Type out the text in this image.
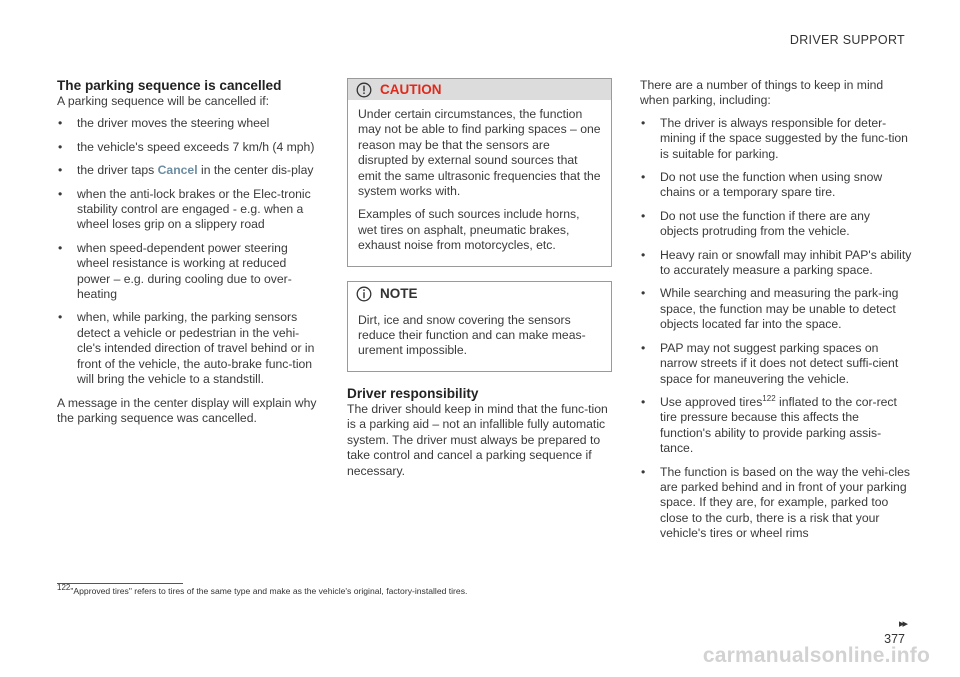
DRIVER SUPPORT
The parking sequence is cancelled

A parking sequence will be cancelled if:

• the driver moves the steering wheel
• the vehicle's speed exceeds 7 km/h (4 mph)
• the driver taps Cancel in the center dis-play
• when the anti-lock brakes or the Elec-tronic stability control are engaged - e.g. when a wheel loses grip on a slippery road
• when speed-dependent power steering wheel resistance is working at reduced power – e.g. during cooling due to over-heating
• when, while parking, the parking sensors detect a vehicle or pedestrian in the vehi-cle's intended direction of travel behind or in front of the vehicle, the auto-brake func-tion will bring the vehicle to a standstill.

A message in the center display will explain why the parking sequence was cancelled.

CAUTION

Under certain circumstances, the function may not be able to find parking spaces – one reason may be that the sensors are disrupted by external sound sources that emit the same ultrasonic frequencies that the system works with.

Examples of such sources include horns, wet tires on asphalt, pneumatic brakes, exhaust noise from motorcycles, etc.

NOTE

Dirt, ice and snow covering the sensors reduce their function and can make meas-urement impossible.

Driver responsibility

The driver should keep in mind that the func-tion is a parking aid – not an infallible fully automatic system. The driver must always be prepared to take control and cancel a parking sequence if necessary.

There are a number of things to keep in mind when parking, including:

• The driver is always responsible for deter-mining if the space suggested by the func-tion is suitable for parking.
• Do not use the function when using snow chains or a temporary spare tire.
• Do not use the function if there are any objects protruding from the vehicle.
• Heavy rain or snowfall may inhibit PAP's ability to accurately measure a parking space.
• While searching and measuring the park-ing space, the function may be unable to detect objects located far into the space.
• PAP may not suggest parking spaces on narrow streets if it does not detect suffi-cient space for maneuvering the vehicle.
• Use approved tires$^{122}$ inflated to the cor-rect tire pressure because this affects the function's ability to provide parking assis-tance.
• The function is based on the way the vehi-cles are parked behind and in front of your parking space. If they are, for example, parked too close to the curb, there is a risk that your vehicle's tires or wheel rims
$^{122}$"Approved tires" refers to tires of the same type and make as the vehicle's original, factory-installed tires.
▸▸
377
carmanualsonline.info
